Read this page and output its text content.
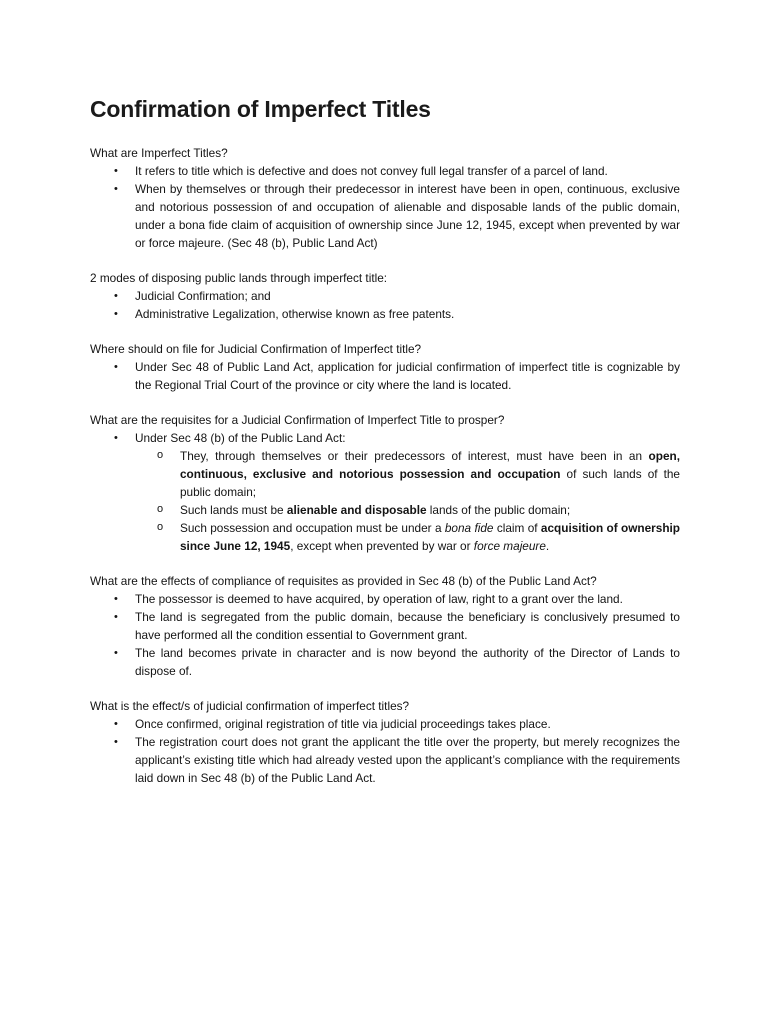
Confirmation of Imperfect Titles

What are Imperfect Titles?

• It refers to title which is defective and does not convey full legal transfer of a parcel of land.
• When by themselves or through their predecessor in interest have been in open, continuous, exclusive and notorious possession of and occupation of alienable and disposable lands of the public domain, under a bona fide claim of acquisition of ownership since June 12, 1945, except when prevented by war or force majeure. (Sec 48 (b), Public Land Act)

2 modes of disposing public lands through imperfect title:

• Judicial Confirmation; and
• Administrative Legalization, otherwise known as free patents.

Where should on file for Judicial Confirmation of Imperfect title?

• Under Sec 48 of Public Land Act, application for judicial confirmation of imperfect title is cognizable by the Regional Trial Court of the province or city where the land is located.

What are the requisites for a Judicial Confirmation of Imperfect Title to prosper?

• Under Sec 48 (b) of the Public Land Act:
o They, through themselves or their predecessors of interest, must have been in an open, continuous, exclusive and notorious possession and occupation of such lands of the public domain;
o Such lands must be alienable and disposable lands of the public domain;
o Such possession and occupation must be under a bona fide claim of acquisition of ownership since June 12, 1945, except when prevented by war or force majeure.

What are the effects of compliance of requisites as provided in Sec 48 (b) of the Public Land Act?

• The possessor is deemed to have acquired, by operation of law, right to a grant over the land.
• The land is segregated from the public domain, because the beneficiary is conclusively presumed to have performed all the condition essential to Government grant.
• The land becomes private in character and is now beyond the authority of the Director of Lands to dispose of.

What is the effect/s of judicial confirmation of imperfect titles?

• Once confirmed, original registration of title via judicial proceedings takes place.
• The registration court does not grant the applicant the title over the property, but merely recognizes the applicant’s existing title which had already vested upon the applicant’s compliance with the requirements laid down in Sec 48 (b) of the Public Land Act.
